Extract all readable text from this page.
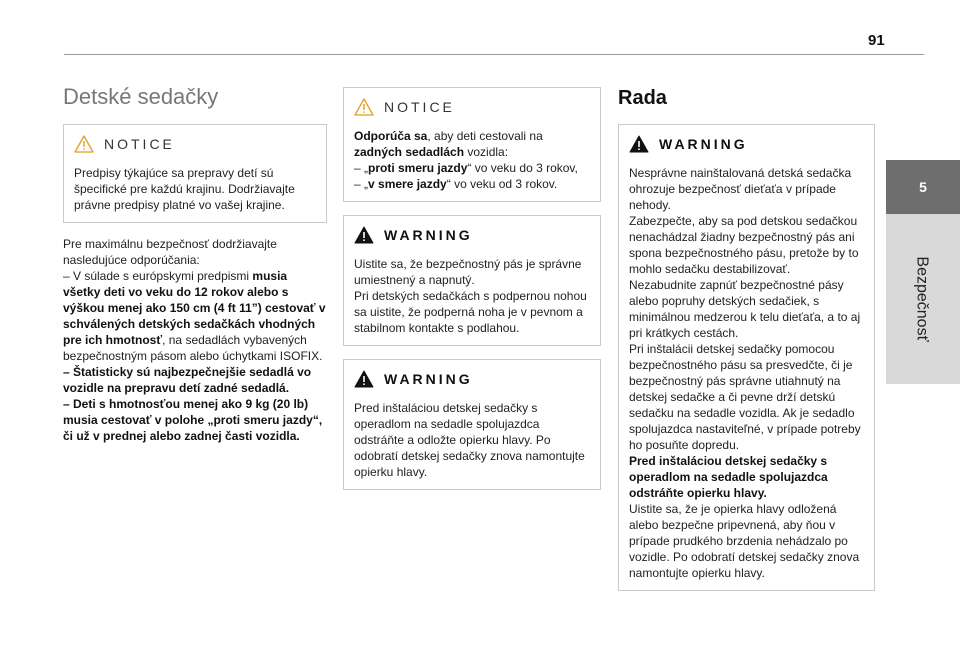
91
5
Bezpečnosť
Detské sedačky
NOTICE

Predpisy týkajúce sa prepravy detí sú špecifické pre každú krajinu. Dodržiavajte právne predpisy platné vo vašej krajine.

Pre maximálnu bezpečnosť dodržiavajte nasledujúce odporúčania:

– V súlade s európskymi predpismi musia všetky deti vo veku do 12 rokov alebo s výškou menej ako 150 cm (4 ft 11”) cestovať v schválených detských sedačkách vhodných pre ich hmotnosť, na sedadlách vybavených bezpečnostným pásom alebo úchytkami ISOFIX.

– Štatisticky sú najbezpečnejšie sedadlá vo vozidle na prepravu detí zadné sedadlá.

– Deti s hmotnosťou menej ako 9 kg (20 lb) musia cestovať v polohe „proti smeru jazdy“, či už v prednej alebo zadnej časti vozidla.

NOTICE

Odporúča sa, aby deti cestovali na zadných sedadlách vozidla:

– „proti smeru jazdy“ vo veku do 3 rokov,

– „v smere jazdy“ vo veku od 3 rokov.

WARNING

Uistite sa, že bezpečnostný pás je správne umiestnený a napnutý.

Pri detských sedačkách s podpernou nohou sa uistite, že podperná noha je v pevnom a stabilnom kontakte s podlahou.

WARNING

Pred inštaláciou detskej sedačky s operadlom na sedadle spolujazdca odstráňte a odložte opierku hlavy. Po odobratí detskej sedačky znova namontujte opierku hlavy.

Rada
WARNING

Nesprávne nainštalovaná detská sedačka ohrozuje bezpečnosť dieťaťa v prípade nehody.

Zabezpečte, aby sa pod detskou sedačkou nenachádzal žiadny bezpečnostný pás ani spona bezpečnostného pásu, pretože by to mohlo sedačku destabilizovať.

Nezabudnite zapnúť bezpečnostné pásy alebo popruhy detských sedačiek, s minimálnou medzerou k telu dieťaťa, a to aj pri krátkych cestách.

Pri inštalácii detskej sedačky pomocou bezpečnostného pásu sa presvedčte, či je bezpečnostný pás správne utiahnutý na detskej sedačke a či pevne drží detskú sedačku na sedadle vozidla. Ak je sedadlo spolujazdca nastaviteľné, v prípade potreby ho posuňte dopredu.

Pred inštaláciou detskej sedačky s operadlom na sedadle spolujazdca odstráňte opierku hlavy.

Uistite sa, že je opierka hlavy odložená alebo bezpečne pripevnená, aby ňou v prípade prudkého brzdenia nehádzalo po vozidle. Po odobratí detskej sedačky znova namontujte opierku hlavy.
